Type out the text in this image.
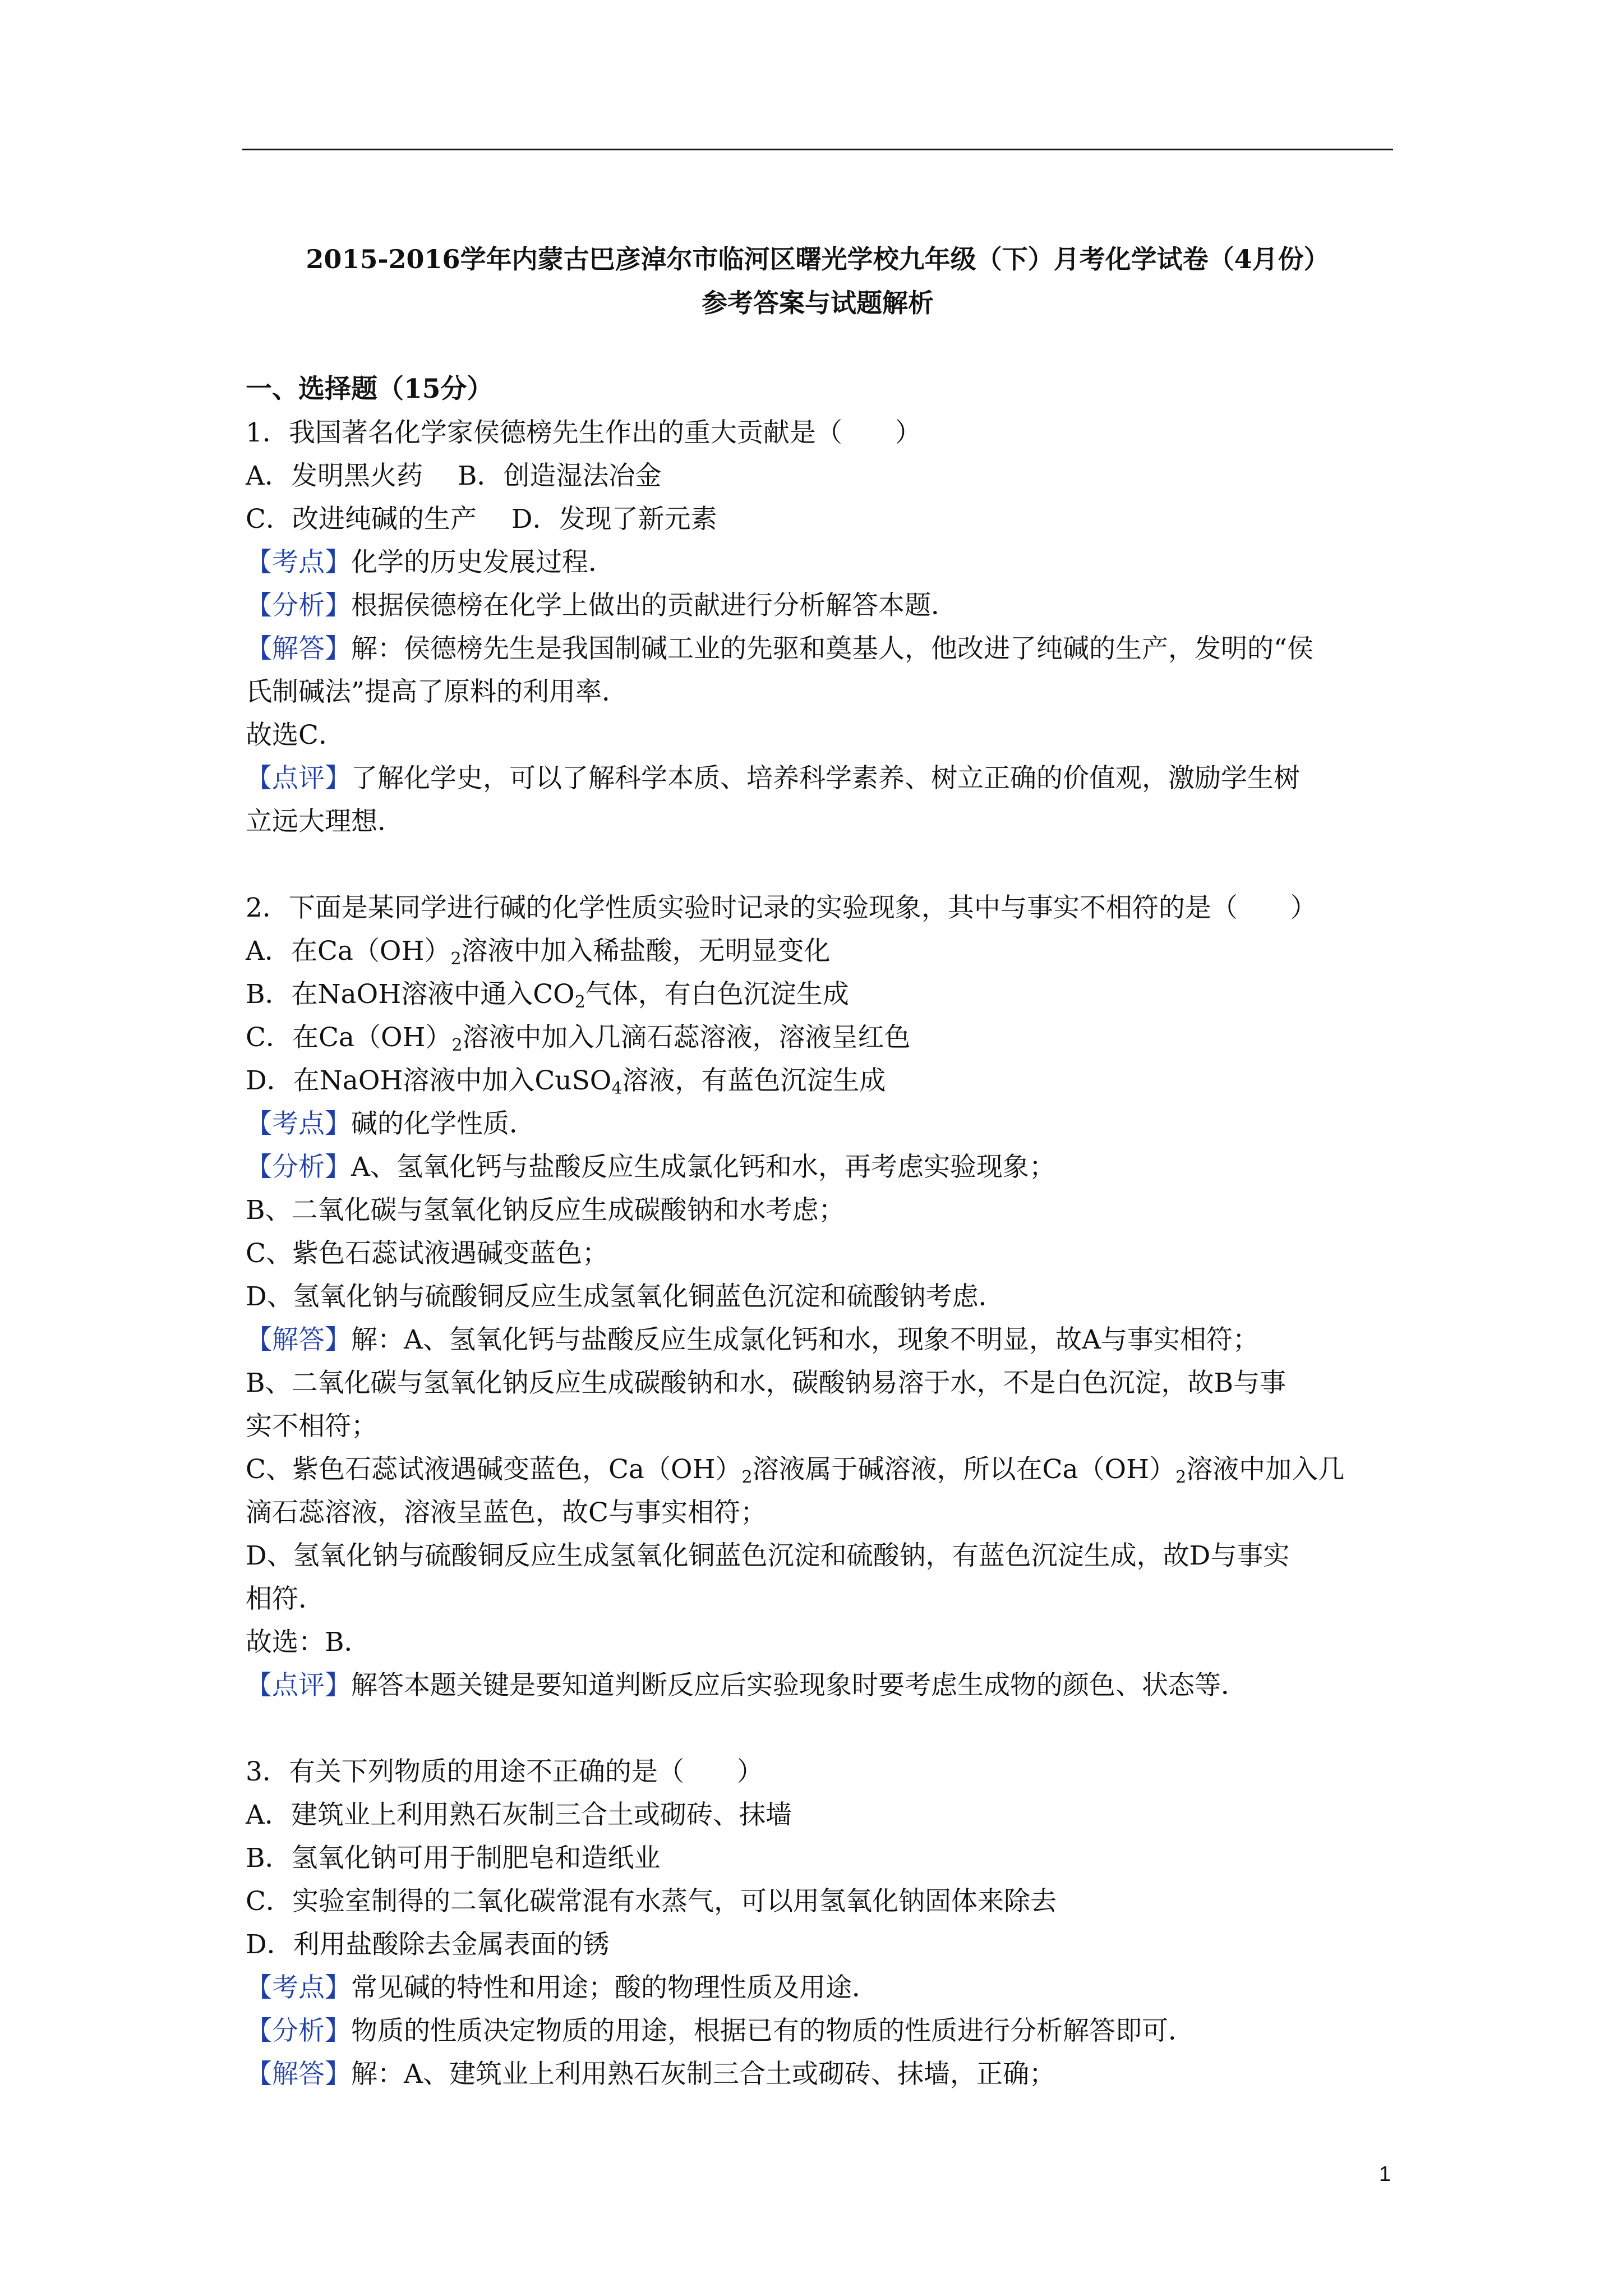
2015-2016学年内蒙古巴彦淖尔市临河区曙光学校九年级（下）月考化学试卷（4月份）
参考答案与试题解析
一、选择题（15分）
1．我国著名化学家侯德榜先生作出的重大贡献是（　　）
A．发明黑火药　 B．创造湿法冶金
C．改进纯碱的生产　 D．发现了新元素
【考点】化学的历史发展过程．
【分析】根据侯德榜在化学上做出的贡献进行分析解答本题．
【解答】解：侯德榜先生是我国制碱工业的先驱和奠基人，他改进了纯碱的生产，发明的“侯
氏制碱法”提高了原料的利用率．
故选C．
【点评】了解化学史，可以了解科学本质、培养科学素养、树立正确的价值观，激励学生树
立远大理想．
2．下面是某同学进行碱的化学性质实验时记录的实验现象，其中与事实不相符的是（　　）
A．在$Ca(OH)_2$溶液中加入稀盐酸，无明显变化
B．在NaOH溶液中通入$CO_2$气体，有白色沉淀生成
C．在$Ca(OH)_2$溶液中加入几滴石蕊溶液，溶液呈红色
D．在NaOH溶液中加入CuSO$_4$溶液，有蓝色沉淀生成
【考点】碱的化学性质．
【分析】A、氢氧化钙与盐酸反应生成氯化钙和水，再考虑实验现象；
B、二氧化碳与氢氧化钠反应生成碳酸钠和水考虑；
C、紫色石蕊试液遇碱变蓝色；
D、氢氧化钠与硫酸铜反应生成氢氧化铜蓝色沉淀和硫酸钠考虑．
【解答】解：A、氢氧化钙与盐酸反应生成氯化钙和水，现象不明显，故A与事实相符；
B、二氧化碳与氢氧化钠反应生成碳酸钠和水，碳酸钠易溶于水，不是白色沉淀，故B与事
实不相符；
C、紫色石蕊试液遇碱变蓝色，$Ca(OH)_2$溶液属于碱溶液，所以在$Ca(OH)_2$溶液中加入几
滴石蕊溶液，溶液呈蓝色，故C与事实相符；
D、氢氧化钠与硫酸铜反应生成氢氧化铜蓝色沉淀和硫酸钠，有蓝色沉淀生成，故D与事实
相符．
故选：B．
【点评】解答本题关键是要知道判断反应后实验现象时要考虑生成物的颜色、状态等．
3．有关下列物质的用途不正确的是（　　）
A．建筑业上利用熟石灰制三合土或砌砖、抹墙
B．氢氧化钠可用于制肥皂和造纸业
C．实验室制得的二氧化碳常混有水蒸气，可以用氢氧化钠固体来除去
D．利用盐酸除去金属表面的锈
【考点】常见碱的特性和用途；酸的物理性质及用途．
【分析】物质的性质决定物质的用途，根据已有的物质的性质进行分析解答即可．
【解答】解：A、建筑业上利用熟石灰制三合土或砌砖、抹墙，正确；
1
